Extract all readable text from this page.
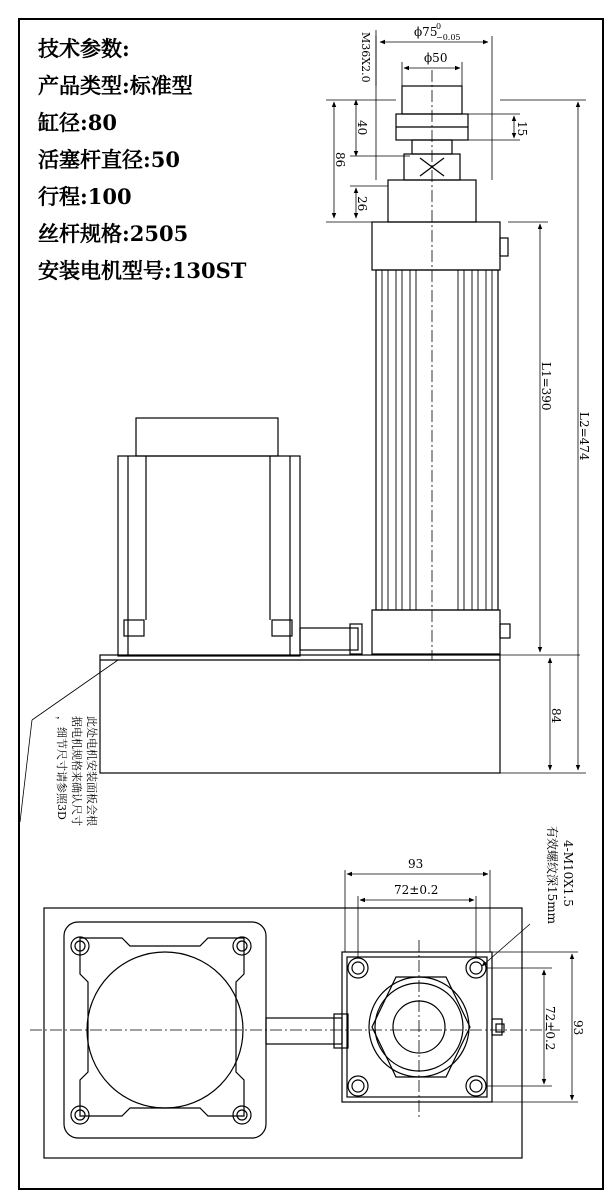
技术参数:
产品类型:标准型
缸径:80
活塞杆直径:50
行程:100
丝杆规格:2505
安装电机型号:130ST
ϕ75
0
−0.05
ϕ50
M36X2.0
40	15
86
26
L1=390
L2=474
84
此处电机安装面板会根
据电机规格来确认尺寸
，细节尺寸请参照3D
93
72±0.2
72±0.2 93
4-M10X1.5
有效螺纹深15mm
